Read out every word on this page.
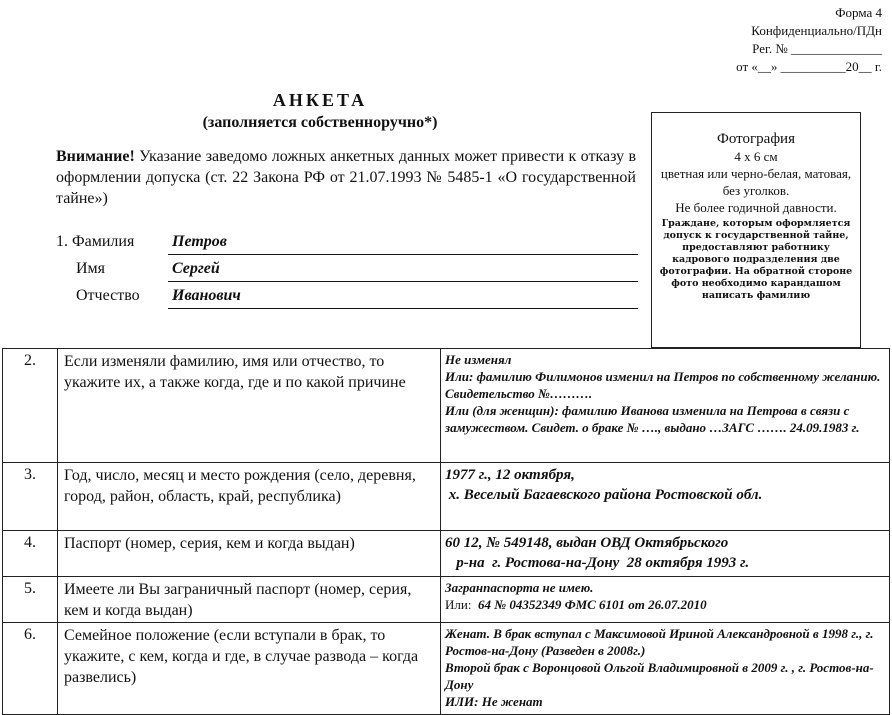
Форма 4
Конфиденциально/ПДн
Рег. № ______________
от «__» __________20__ г.
АНКЕТА
(заполняется собственноручно*)
Внимание! Указание заведомо ложных анкетных данных может привести к отказу в оформлении допуска (ст. 22 Закона РФ от 21.07.1993 № 5485-1 «О государственной тайне»)
Фотография
4 х 6 см
цветная или черно-белая, матовая, без уголков.
Не более годичной давности.
Граждане, которым оформляется допуск к государственной тайне, предоставляют работнику кадрового подразделения две фотографии. На обратной стороне фото необходимо карандашом написать фамилию
1. Фамилия Петров
Имя	Сергей
Отчество Иванович
2.	Если изменяли фамилию, имя или отчество, то укажите их, а также когда, где и по какой причине	Не изменял
Или: фамилию Филимонов изменил на Петров по собственному желанию. Свидетельство №……….
Или (для женщин): фамилию Иванова изменила на Петрова в связи с замужеством. Свидет. о браке № …., выдано …ЗАГС ……. 24.09.1983 г.

3.	Год, число, месяц и место рождения (село, деревня, город, район, область, край, республика)	1977 г., 12 октября,
х. Веселый Багаевского района Ростовской обл.

4.	Паспорт (номер, серия, кем и когда выдан)	60 12, № 549148, выдан ОВД Октябрьского
р-на  г. Ростова-на-Дону  28 октября 1993 г.

5.	Имеете ли Вы заграничный паспорт (номер, серия, кем и когда выдан)	Загранпаспорта не имею.
Или:  64 № 04352349 ФМС 6101 от 26.07.2010

6.	Семейное положение (если вступали в брак, то укажите, с кем, когда и где, в случае развода – когда развелись)	Женат. В брак вступал с Максимовой Ириной Александровной в 1998 г., г. Ростов-на-Дону (Разведен в 2008г.)
Второй брак с Воронцовой Ольгой Владимировной в 2009 г. , г. Ростов-на-Дону
ИЛИ: Не женат
